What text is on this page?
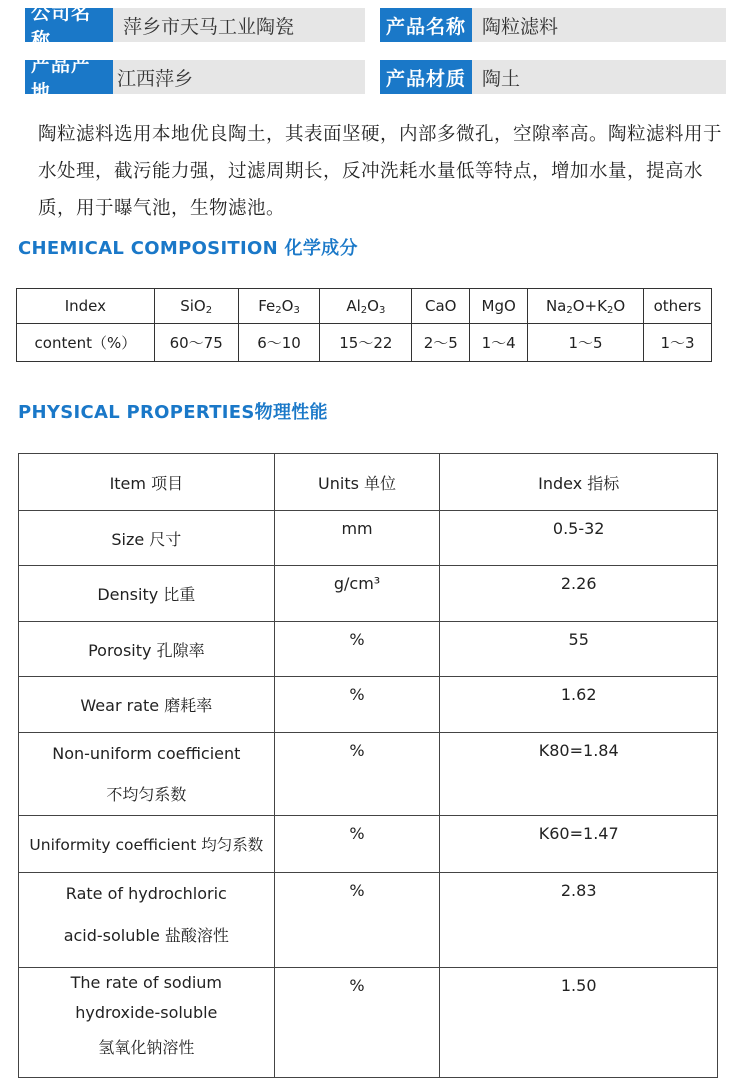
公司名称
萍乡市天马工业陶瓷	产品名称 陶粒滤料
产品产地
江西萍乡	产品材质 陶土
陶粒滤料选用本地优良陶土，其表面坚硬，内部多微孔，空隙率高。陶粒滤料用于水处理，截污能力强，过滤周期长，反冲洗耗水量低等特点，增加水量，提高水质，用于曝气池，生物滤池。
CHEMICAL COMPOSITION 化学成分
Index	SiO$_2$	$Fe_2O_3$	$Al_2O_3$	CaO	MgO	$Na_2O+K_2O$	others
content（%）	60～75	6～10	15～22	2～5	1～4	1～5	1～3
PHYSICAL PROPERTIES物理性能
Item 项目	Units 单位	Index 指标

Size 尺寸	mm	0.5-32

Density 比重	g/cm³	2.26

Porosity 孔隙率	%	55

Wear rate 磨耗率	%	1.62

Non-uniform coefficient
不均匀系数	%	K80=1.84

Uniformity coefficient 均匀系数	%	K60=1.47

Rate of hydrochloric
acid-soluble 盐酸溶性	%	2.83

The rate of sodium
hydroxide-soluble
氢氧化钠溶性	%	1.50
